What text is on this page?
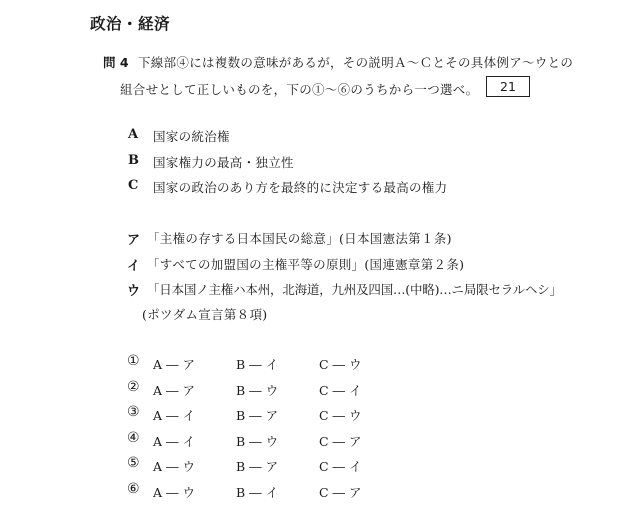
政治・経済
問 4 下線部④には複数の意味があるが，その説明Ａ～Ｃとその具体例ア～ウとの
組合せとして正しいものを，下の①～⑥のうちから一つ選べ。	21
A 国家の統治権
B 国家権力の最高・独立性
C 国家の政治のあり方を最終的に決定する最高の権力
ア 「主権の存する日本国民の総意」(日本国憲法第１条)
イ 「すべての加盟国の主権平等の原則」(国連憲章第２条)
ウ 「日本国ノ主権ハ本州，北海道，九州及四国…(中略)…ニ局限セラルヘシ」
(ポツダム宣言第８項)
① A ― ア	B ― イ	C ― ウ
② A ― ア	B ― ウ	C ― イ
③ A ― イ	B ― ア	C ― ウ
④ A ― イ	B ― ウ	C ― ア
⑤ A ― ウ	B ― ア	C ― イ
⑥ A ― ウ	B ― イ	C ― ア
